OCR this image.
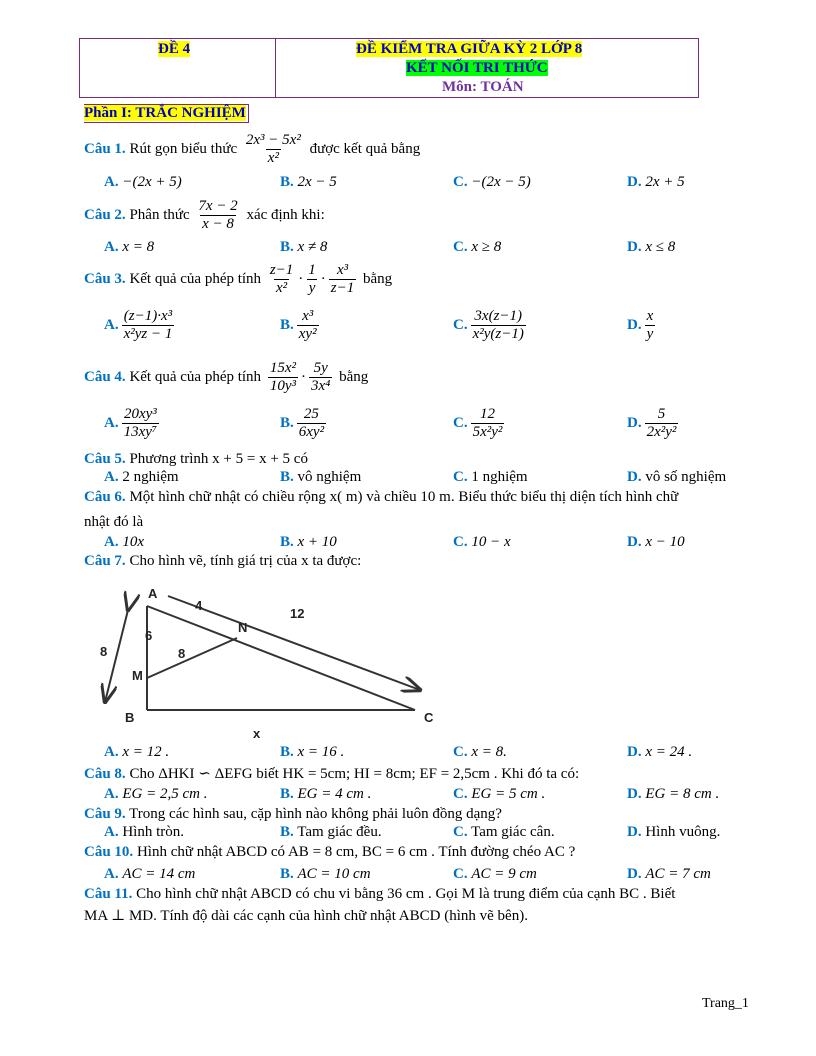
ĐỀ 4	ĐỀ KIỂM TRA GIỮA KỲ 2 LỚP 8
KẾT NỐI TRI THỨC
Môn: TOÁN
Phần I: TRẮC NGHIỆM
Câu 1. Rút gọn biểu thức $\frac{\text{2x³ − 5x²}}{\text{x²}}$ được kết quả bằng
A. −(2x + 5)	B. 2x − 5	C. −(2x − 5)	D. 2x + 5
Câu 2. Phân thức $\frac{7x - 2}{x - 8}$ xác định khi:
A. x = 8	B. x ≠ 8	C. x ≥ 8	D. x ≤ 8
Câu 3. Kết quả của phép tính $\frac{z-1}{\text{x²}} \cdot \frac{1}{y} \cdot \frac{\text{x³}}{z-1}$ bằng
A. $\frac{\text{(z−1)·x³}}{\text{x²yz − 1}}$	B. $\frac{\text{x³}}{\text{xy²}}$	C. $\frac{3x(z-1)}{\text{x²y(z−1)}}$	D. $\frac{x}{y}$
Câu 4. Kết quả của phép tính $\frac{\text{15x²}}{\text{10y³}} \cdot \frac{5y}{\text{3x⁴}}$ bằng
A. $\frac{\text{20xy³}}{\text{13xy⁷}}$	B. $\frac{25}{\text{6xy²}}$	C. $\frac{12}{\text{5x²y²}}$	D. $\frac{5}{\text{2x²y²}}$
Câu 5. Phương trình x + 5 = x + 5 có
A. 2 nghiệm	B. vô nghiệm	C. 1 nghiệm	D. vô số nghiệm
Câu 6. Một hình chữ nhật có chiều rộng x( m) và chiều 10 m. Biểu thức biểu thị diện tích hình chữ
nhật đó là
A. 10x	B. x + 10	C. 10 − x	D. x − 10
Câu 7. Cho hình vẽ, tính giá trị của x ta được:
A
B	C
M
N
4
12
6
8	8
x
A. x = 12 .	B. x = 16 .	C. x = 8.	D. x = 24 .
Câu 8. Cho ΔHKI ∽ ΔEFG biết HK = 5cm; HI = 8cm; EF = 2,5cm . Khi đó ta có:
A. EG = 2,5 cm .	B. EG = 4 cm .	C. EG = 5 cm .	D. EG = 8 cm .
Câu 9. Trong các hình sau, cặp hình nào không phải luôn đồng dạng?
A. Hình tròn.	B. Tam giác đều.	C. Tam giác cân.	D. Hình vuông.
Câu 10. Hình chữ nhật ABCD có AB = 8 cm, BC = 6 cm . Tính đường chéo AC ?
A. AC = 14 cm	B. AC = 10 cm	C. AC = 9 cm	D. AC = 7 cm
Câu 11. Cho hình chữ nhật ABCD có chu vi bằng 36 cm . Gọi M là trung điểm của cạnh BC . Biết
MA ⊥ MD. Tính độ dài các cạnh của hình chữ nhật ABCD (hình vẽ bên).
Trang_1
